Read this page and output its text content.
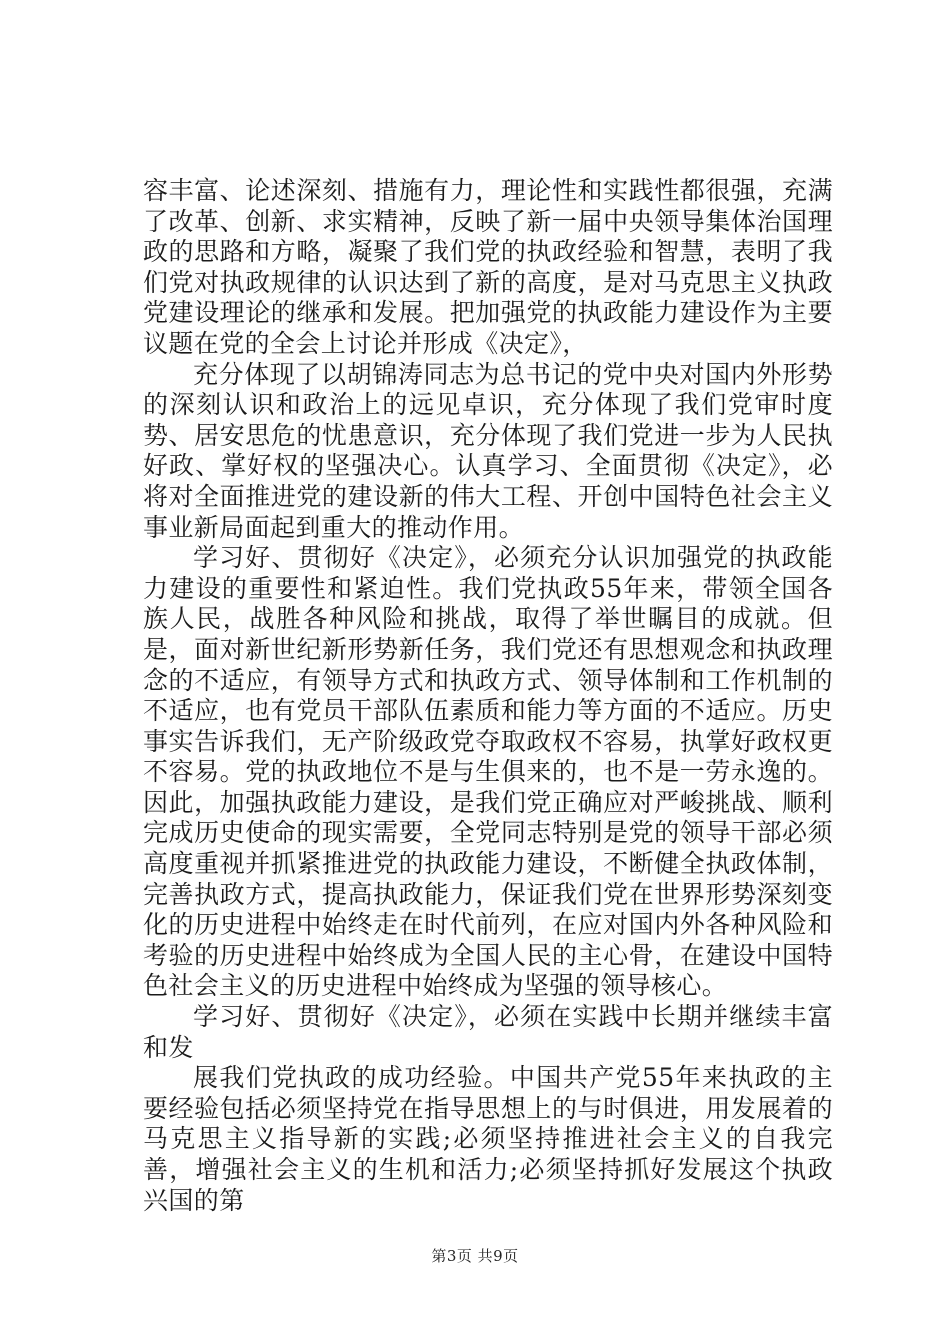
容丰富、论述深刻、措施有力，理论性和实践性都很强，充满了改革、创新、求实精神，反映了新一届中央领导集体治国理政的思路和方略，凝聚了我们党的执政经验和智慧，表明了我们党对执政规律的认识达到了新的高度，是对马克思主义执政党建设理论的继承和发展。把加强党的执政能力建设作为主要议题在党的全会上讨论并形成《决定》，

充分体现了以胡锦涛同志为总书记的党中央对国内外形势的深刻认识和政治上的远见卓识，充分体现了我们党审时度势、居安思危的忧患意识，充分体现了我们党进一步为人民执好政、掌好权的坚强决心。认真学习、全面贯彻《决定》，必将对全面推进党的建设新的伟大工程、开创中国特色社会主义事业新局面起到重大的推动作用。

学习好、贯彻好《决定》，必须充分认识加强党的执政能力建设的重要性和紧迫性。我们党执政55年来，带领全国各族人民，战胜各种风险和挑战，取得了举世瞩目的成就。但是，面对新世纪新形势新任务，我们党还有思想观念和执政理念的不适应，有领导方式和执政方式、领导体制和工作机制的不适应，也有党员干部队伍素质和能力等方面的不适应。历史事实告诉我们，无产阶级政党夺取政权不容易，执掌好政权更不容易。党的执政地位不是与生俱来的，也不是一劳永逸的。因此，加强执政能力建设，是我们党正确应对严峻挑战、顺利完成历史使命的现实需要，全党同志特别是党的领导干部必须高度重视并抓紧推进党的执政能力建设，不断健全执政体制，完善执政方式，提高执政能力，保证我们党在世界形势深刻变化的历史进程中始终走在时代前列，在应对国内外各种风险和考验的历史进程中始终成为全国人民的主心骨，在建设中国特色社会主义的历史进程中始终成为坚强的领导核心。

学习好、贯彻好《决定》，必须在实践中长期并继续丰富和发

展我们党执政的成功经验。中国共产党55年来执政的主要经验包括必须坚持党在指导思想上的与时俱进，用发展着的马克思主义指导新的实践;必须坚持推进社会主义的自我完善，增强社会主义的生机和活力;必须坚持抓好发展这个执政兴国的第

第3页 共9页
